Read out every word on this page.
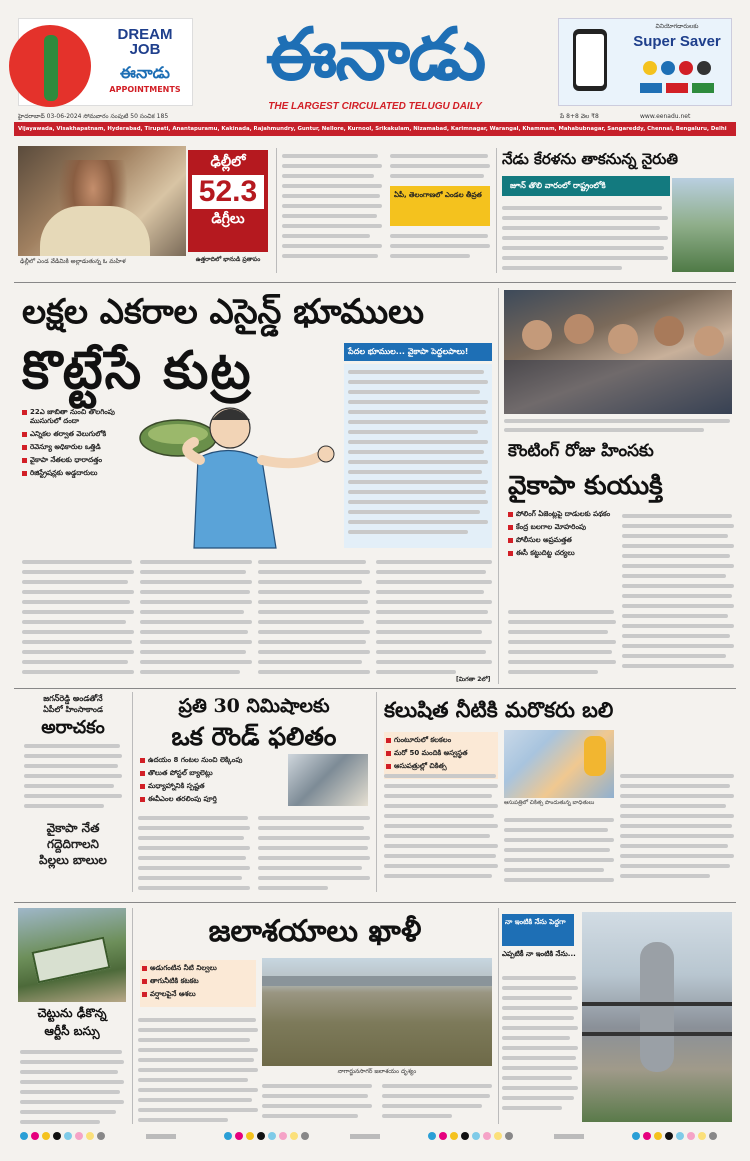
DREAM JOB
ఈనాడు
APPOINTMENTS	ఈనాడు
THE LARGEST CIRCULATED TELUGU DAILY
వినియోగదారులకు
Super Saver
హైదరాబాద్ 03-06-2024 సోమవారం సంపుటి 50 సంచిక 185	పే 8+8 వెల ₹8	www.eenadu.net
Vijayawada, Visakhapatnam, Hyderabad, Tirupati, Anantapuramu, Kakinada, Rajahmundry, Guntur, Nellore, Kurnool, Srikakulam, Nizamabad, Karimnagar, Warangal, Khammam, Mahabubnagar, Sangareddy, Chennai, Bengaluru, Delhi
ఢిల్లీలో ఎండ వేడిమికి అల్లాడుతున్న ఓ మహిళ
ఢిల్లీలో
52.3
డిగ్రీలు
ఉత్తరాదిలో భానుడి ప్రతాపం
ఏపీ, తెలంగాణలో ఎండల తీవ్రత
నేడు కేరళను తాకనున్న నైరుతి
జూన్ తొలి వారంలో రాష్ట్రంలోకి
లక్షల ఎకరాల ఎసైన్డ్ భూములు
కొట్టేసే కుట్ర	పేదల భూముల... వైకాపా పెద్దలపాలు!
22ఎ జాబితా నుంచి తొలగింపు ముసుగులో దందా
ఎన్నికల తర్వాత వెలుగులోకి
రెవెన్యూ అధికారుల ఒత్తిడి
వైకాపా నేతలకు ధారాదత్తం
రిజిస్ట్రేషన్లకు అడ్డదారులు
[మిగతా 2లో]
కౌంటింగ్ రోజు హింసకు
వైకాపా కుయుక్తి
పోలింగ్ ఏజెంట్లపై దాడులకు పథకం
కేంద్ర బలగాల మోహరింపు
పోలీసుల అప్రమత్తత
ఈసీ కట్టుదిట్ట చర్యలు
జగన్‌రెడ్డి అండతోనే
ఏపీలో హింసాకాండ
అరాచకం
వైకాపా నేత
గద్దెదిగాలని
పిల్లలు బాలుల
ప్రతి 30 నిమిషాలకు
ఒక రౌండ్ ఫలితం
ఉదయం 8 గంటల నుంచి లెక్కింపు
తొలుత పోస్టల్ బ్యాలెట్లు
మధ్యాహ్నానికి స్పష్టత
ఈవీఎంల తరలింపు పూర్తి
కలుషిత నీటికి మరొకరు బలి
గుంటూరులో కలకలం
మరో 50 మందికి అస్వస్థత
ఆసుపత్రుల్లో చికిత్స
ఆసుపత్రిలో చికిత్స పొందుతున్న బాధితులు
చెట్టును ఢీకొన్న
ఆర్టీసీ బస్సు
జలాశయాలు ఖాళీ
అడుగంటిన నీటి నిల్వలు
తాగునీటికి కటకట
వర్షాలపైనే ఆశలు
నాగార్జునసాగర్ జలాశయం దృశ్యం
నా ఇంటికి నేను పెద్దగా
ఎప్పటికీ నా ఇంటికి నేను...
